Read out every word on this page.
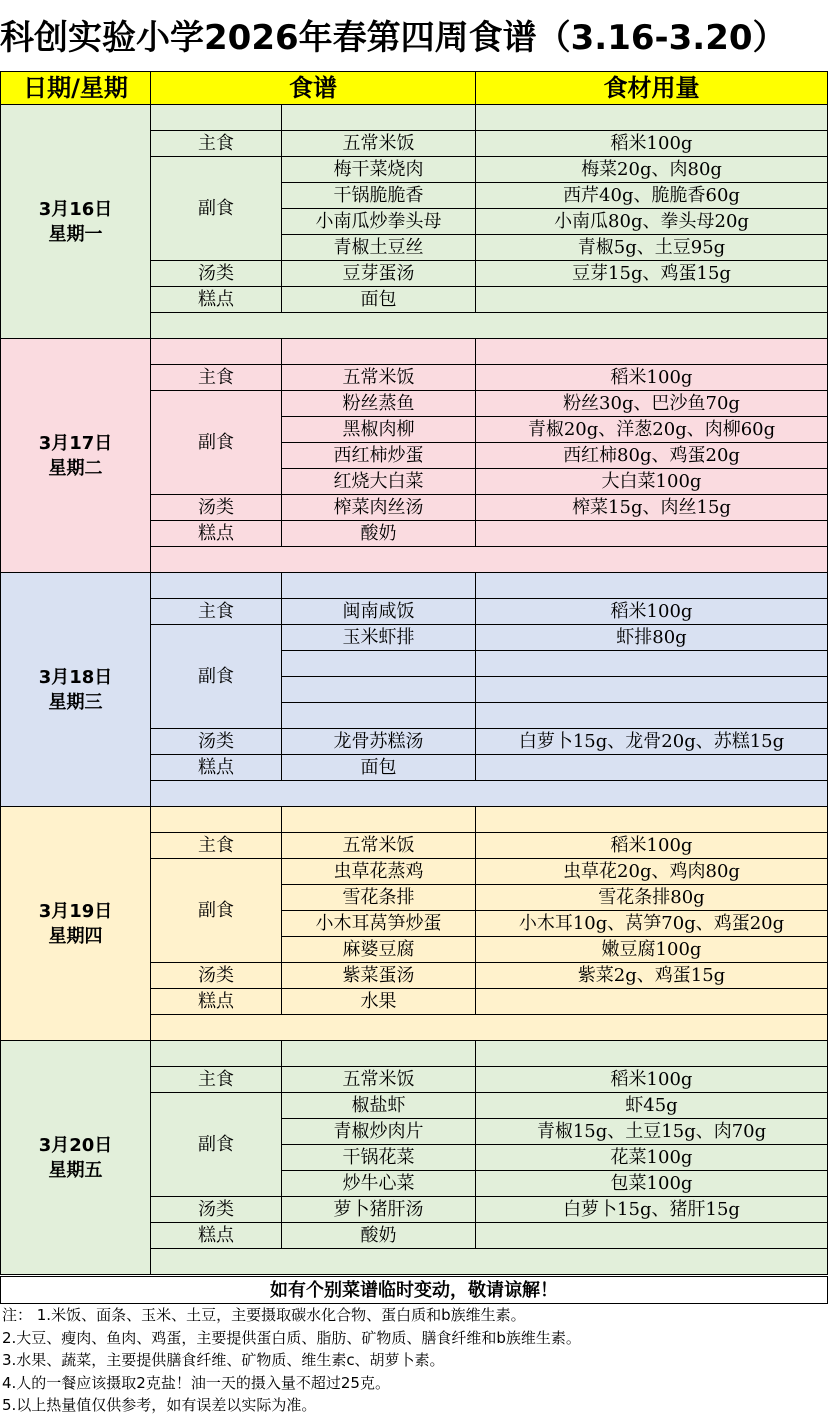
科创实验小学2026年春第四周食谱（3.16-3.20）
日期/星期	食谱		食材用量

3月16日
星期一			

	主食	五常米饭	稻米100g
	副食	梅干菜烧肉	梅菜20g、肉80g
		干锅脆脆香	西芹40g、脆脆香60g
		小南瓜炒拳头母	小南瓜80g、拳头母20g
		青椒土豆丝	青椒5g、土豆95g
	汤类	豆芽蛋汤	豆芽15g、鸡蛋15g
	糕点	面包	

3月17日
星期二			

	主食	五常米饭	稻米100g
	副食	粉丝蒸鱼	粉丝30g、巴沙鱼70g
		黑椒肉柳	青椒20g、洋葱20g、肉柳60g
		西红柿炒蛋	西红柿80g、鸡蛋20g
		红烧大白菜	大白菜100g
	汤类	榨菜肉丝汤	榨菜15g、肉丝15g
	糕点	酸奶	

3月18日
星期三			

	主食	闽南咸饭	稻米100g
	副食	玉米虾排	虾排80g

	汤类	龙骨苏糕汤	白萝卜15g、龙骨20g、苏糕15g
	糕点	面包	

3月19日
星期四			

	主食	五常米饭	稻米100g
	副食	虫草花蒸鸡	虫草花20g、鸡肉80g
		雪花条排	雪花条排80g
		小木耳莴笋炒蛋	小木耳10g、莴笋70g、鸡蛋20g
		麻婆豆腐	嫩豆腐100g
	汤类	紫菜蛋汤	紫菜2g、鸡蛋15g
	糕点	水果	

3月20日
星期五			

	主食	五常米饭	稻米100g
	副食	椒盐虾	虾45g
		青椒炒肉片	青椒15g、土豆15g、肉70g
		干锅花菜	花菜100g
		炒牛心菜	包菜100g
	汤类	萝卜猪肝汤	白萝卜15g、猪肝15g
	糕点	酸奶	

如有个别菜谱临时变动，敬请谅解！
注： 1.米饭、面条、玉米、土豆，主要摄取碳水化合物、蛋白质和b族维生素。
2.大豆、瘦肉、鱼肉、鸡蛋，主要提供蛋白质、脂肪、矿物质、膳食纤维和b族维生素。
3.水果、蔬菜，主要提供膳食纤维、矿物质、维生素c、胡萝卜素。
4.人的一餐应该摄取2克盐！油一天的摄入量不超过25克。
5.以上热量值仅供参考，如有误差以实际为准。
